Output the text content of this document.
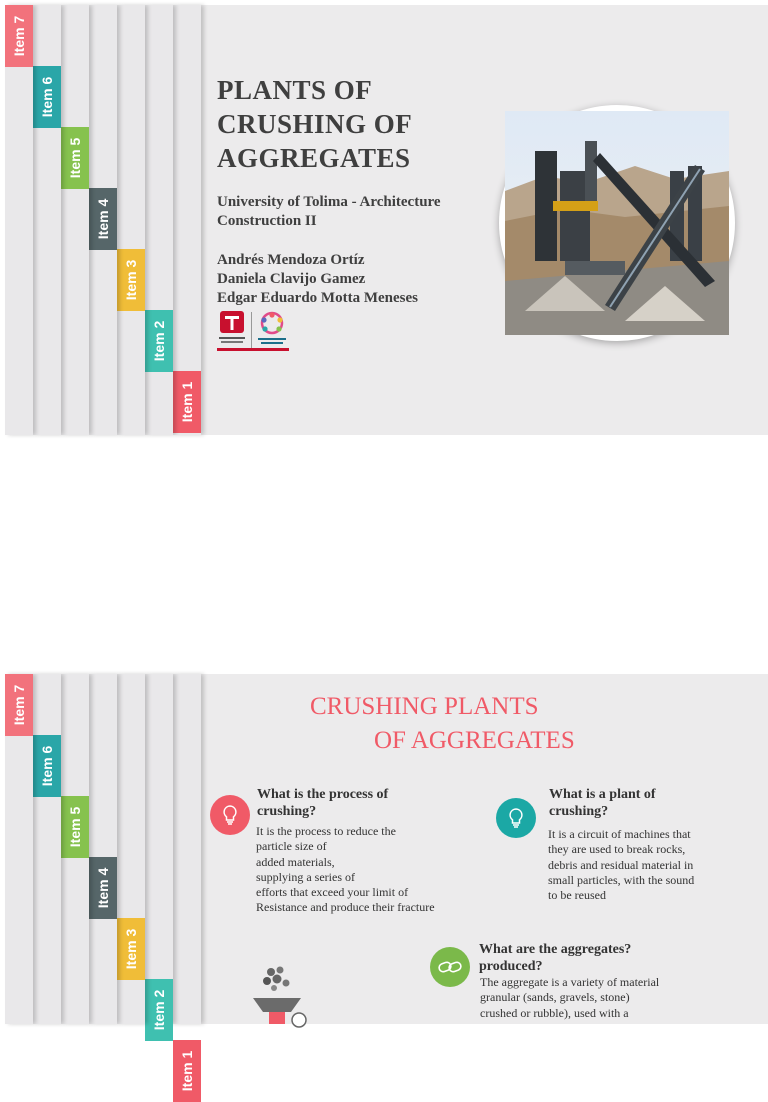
Item 1
Item 2
Item 3
Item 4
Item 5
Item 6
Item 7
PLANTS OF CRUSHING OF AGGREGATES
University of Tolima - Architecture Construction II
Andrés Mendoza Ortíz
Daniela Clavijo Gamez
Edgar Eduardo Motta Meneses
Item 1
Item 2
Item 3
Item 4
Item 5
Item 6
Item 7	CRUSHING PLANTS
OF AGGREGATES
What is the process of crushing?
It is the process to reduce the
particle size of
added materials,
supplying a series of
efforts that exceed your limit of
Resistance and produce their fracture
What is a plant of crushing?
It is a circuit of machines that
they are used to break rocks,
debris and residual material in
small particles, with the sound
to be reused
What are the aggregates? produced?
The aggregate is a variety of material
granular (sands, gravels, stone)
crushed or rubble), used with a
